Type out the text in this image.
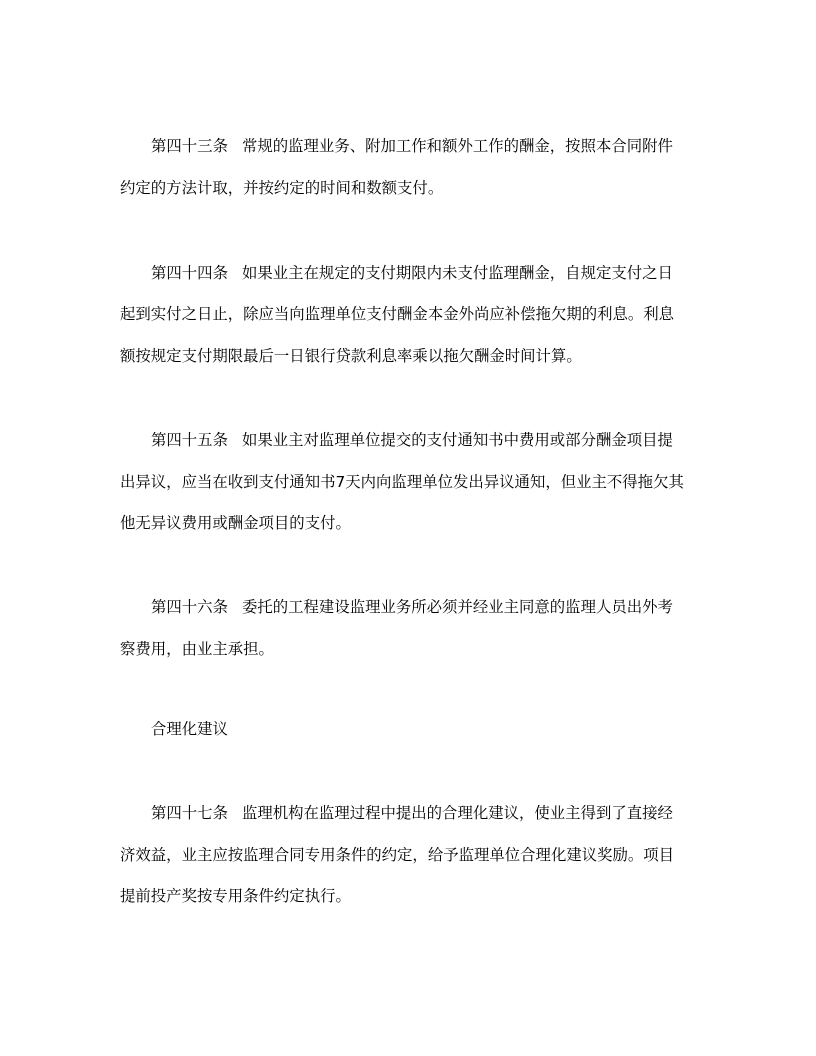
第四十三条 常规的监理业务、附加工作和额外工作的酬金，按照本合同附件
约定的方法计取，并按约定的时间和数额支付。
第四十四条 如果业主在规定的支付期限内未支付监理酬金，自规定支付之日
起到实付之日止，除应当向监理单位支付酬金本金外尚应补偿拖欠期的利息。利息
额按规定支付期限最后一日银行贷款利息率乘以拖欠酬金时间计算。
第四十五条 如果业主对监理单位提交的支付通知书中费用或部分酬金项目提
出异议，应当在收到支付通知书7天内向监理单位发出异议通知，但业主不得拖欠其
他无异议费用或酬金项目的支付。
第四十六条 委托的工程建设监理业务所必须并经业主同意的监理人员出外考
察费用，由业主承担。
合理化建议
第四十七条 监理机构在监理过程中提出的合理化建议，使业主得到了直接经
济效益，业主应按监理合同专用条件的约定，给予监理单位合理化建议奖励。项目
提前投产奖按专用条件约定执行。
